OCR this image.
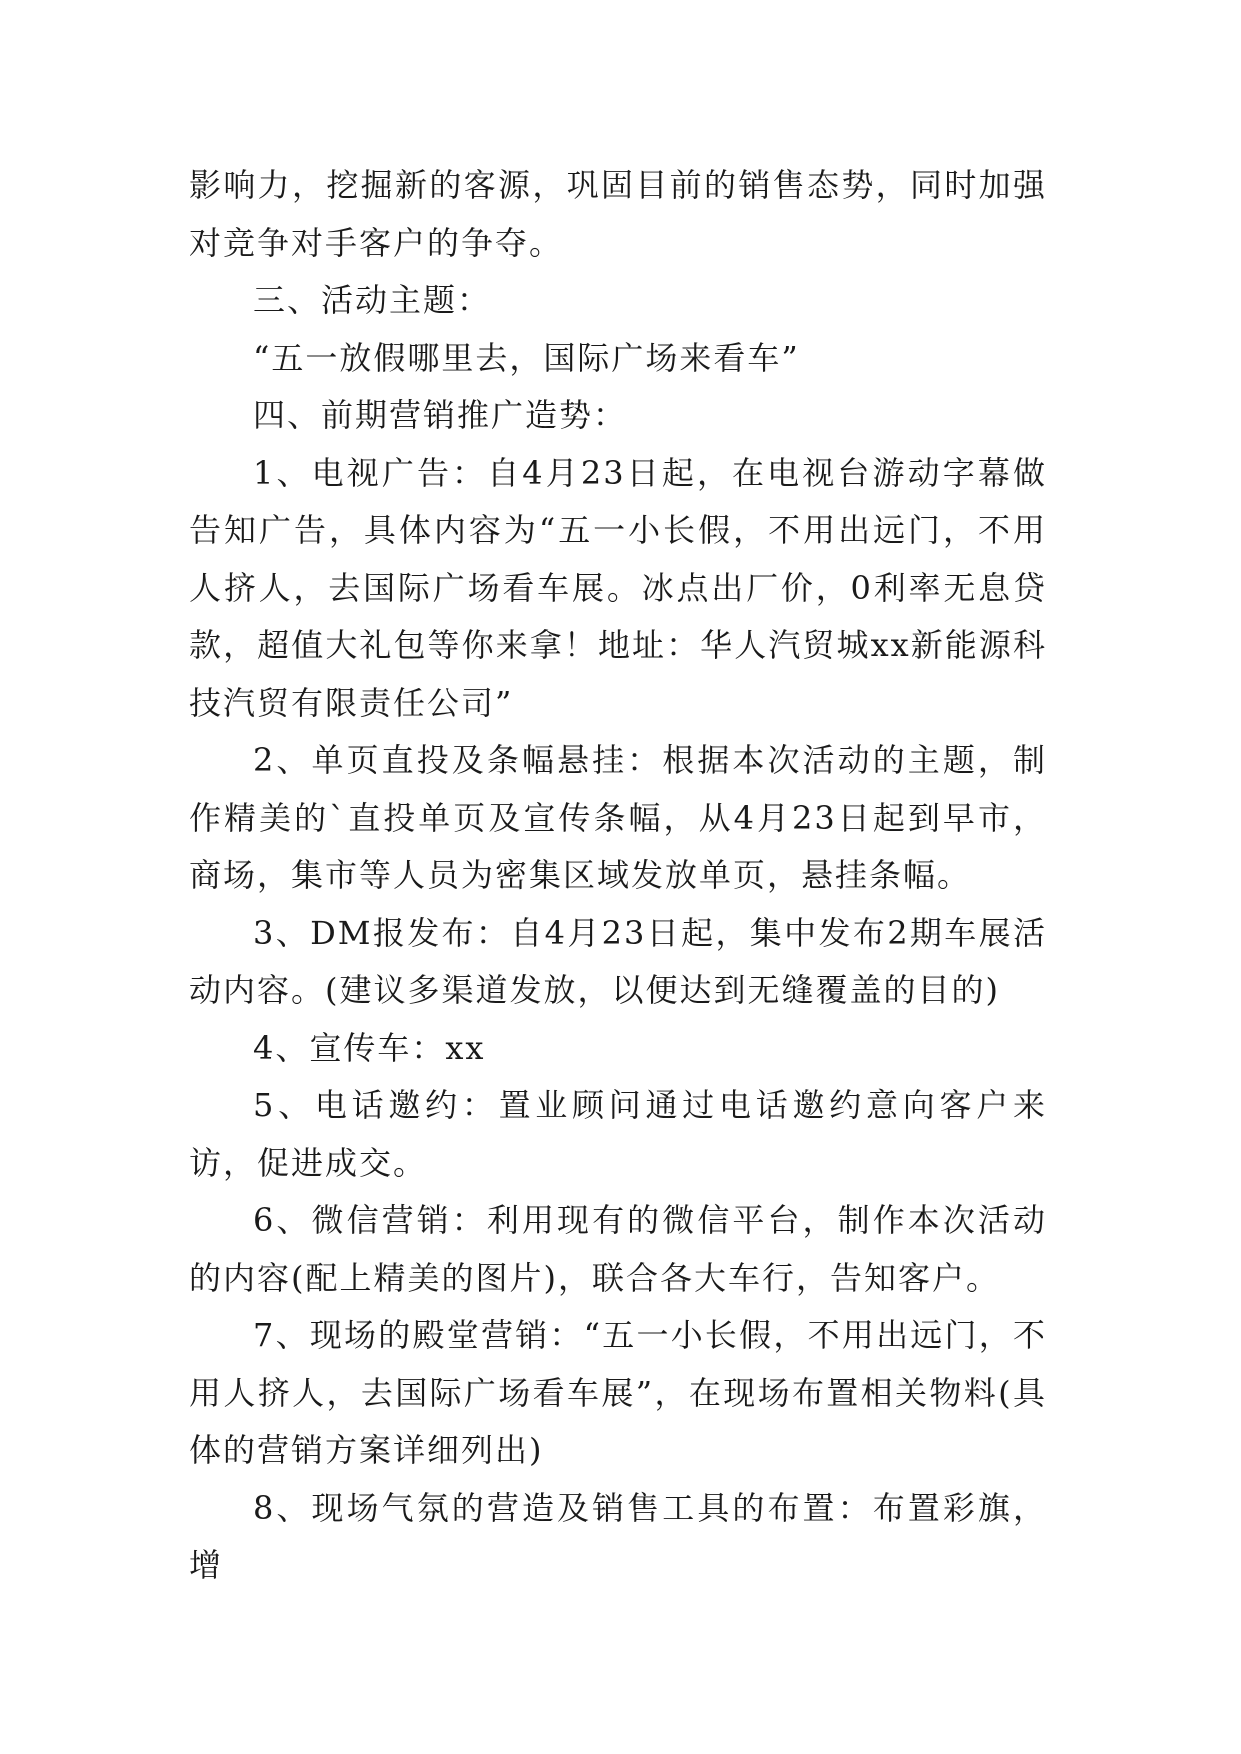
影响力，挖掘新的客源，巩固目前的销售态势，同时加强对竞争对手客户的争夺。

三、活动主题：

“五一放假哪里去，国际广场来看车”

四、前期营销推广造势：

1、电视广告：自4月23日起，在电视台游动字幕做告知广告，具体内容为“五一小长假，不用出远门，不用人挤人，去国际广场看车展。冰点出厂价，0利率无息贷款，超值大礼包等你来拿！地址：华人汽贸城xx新能源科技汽贸有限责任公司”

2、单页直投及条幅悬挂：根据本次活动的主题，制作精美的`直投单页及宣传条幅，从4月23日起到早市，商场，集市等人员为密集区域发放单页，悬挂条幅。

3、DM报发布：自4月23日起，集中发布2期车展活动内容。(建议多渠道发放，以便达到无缝覆盖的目的)

4、宣传车：xx

5、电话邀约：置业顾问通过电话邀约意向客户来访，促进成交。

6、微信营销：利用现有的微信平台，制作本次活动的内容(配上精美的图片)，联合各大车行，告知客户。

7、现场的殿堂营销：“五一小长假，不用出远门，不用人挤人，去国际广场看车展”，在现场布置相关物料(具体的营销方案详细列出)

8、现场气氛的营造及销售工具的布置：布置彩旗，增
